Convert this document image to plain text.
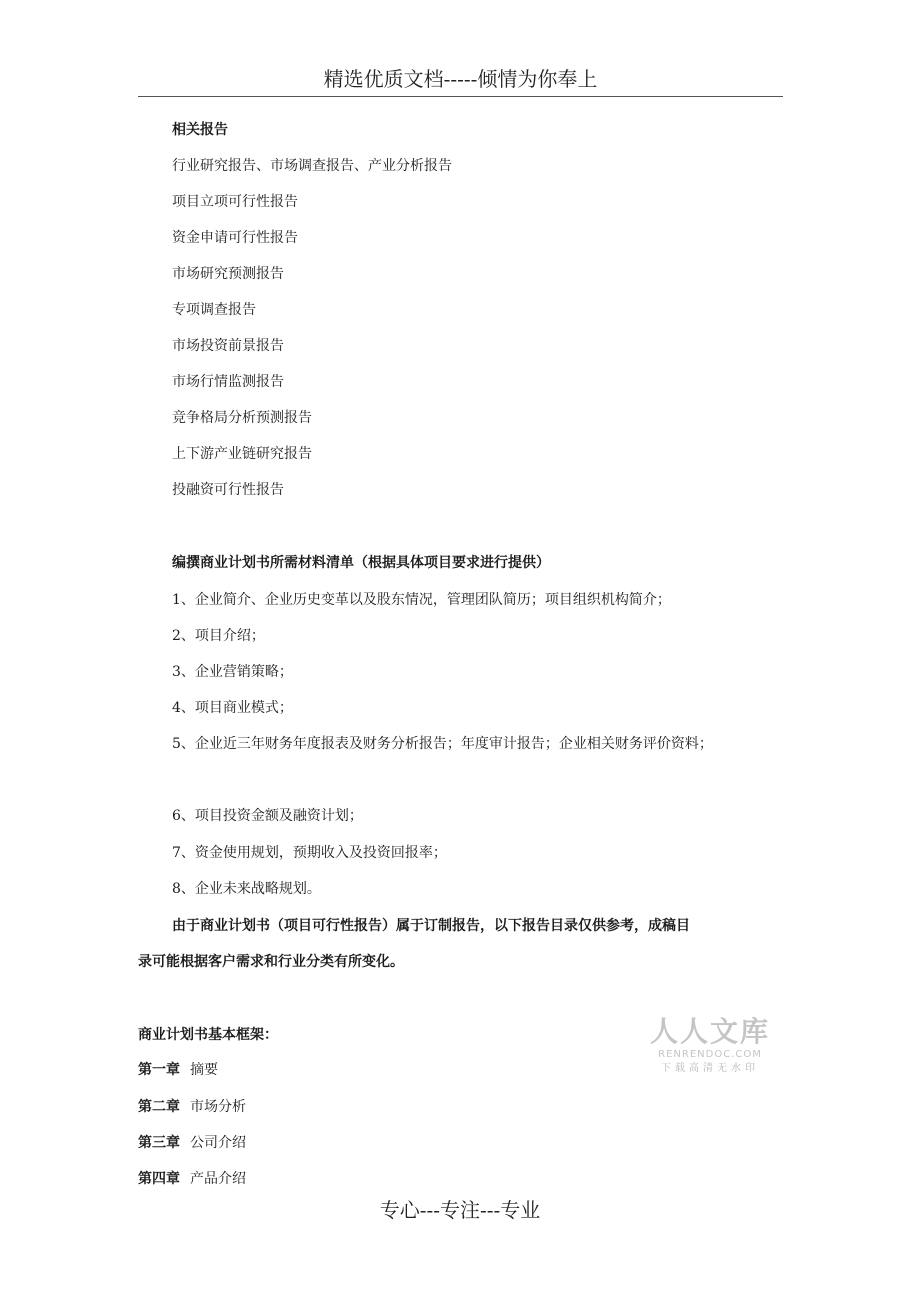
精选优质文档-----倾情为你奉上
相关报告
行业研究报告、市场调查报告、产业分析报告
项目立项可行性报告
资金申请可行性报告
市场研究预测报告
专项调查报告
市场投资前景报告
市场行情监测报告
竞争格局分析预测报告
上下游产业链研究报告
投融资可行性报告
编撰商业计划书所需材料清单（根据具体项目要求进行提供）
1、企业简介、企业历史变革以及股东情况，管理团队简历；项目组织机构简介；
2、项目介绍；
3、企业营销策略；
4、项目商业模式；
5、企业近三年财务年度报表及财务分析报告；年度审计报告；企业相关财务评价资料；
6、项目投资金额及融资计划；
7、资金使用规划，预期收入及投资回报率；
8、企业未来战略规划。
由于商业计划书（项目可行性报告）属于订制报告，以下报告目录仅供参考，成稿目
录可能根据客户需求和行业分类有所变化。
商业计划书基本框架：
第一章 摘要
第二章 市场分析
第三章 公司介绍
第四章 产品介绍
人人文库
RENRENDOC.COM
下载高清无水印
专心---专注---专业
